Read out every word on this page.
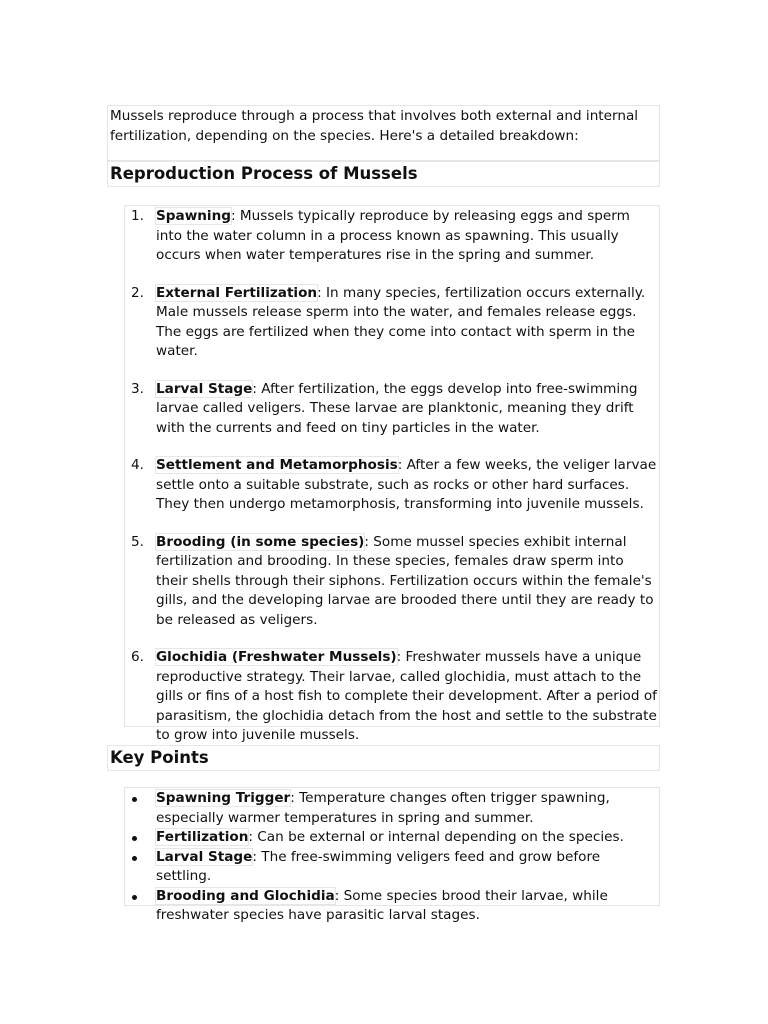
Mussels reproduce through a process that involves both external and internal fertilization, depending on the species. Here's a detailed breakdown:
Reproduction Process of Mussels
1. Spawning: Mussels typically reproduce by releasing eggs and sperm into the water column in a process known as spawning. This usually occurs when water temperatures rise in the spring and summer.
2. External Fertilization: In many species, fertilization occurs externally. Male mussels release sperm into the water, and females release eggs. The eggs are fertilized when they come into contact with sperm in the water.
3. Larval Stage: After fertilization, the eggs develop into free-swimming larvae called veligers. These larvae are planktonic, meaning they drift with the currents and feed on tiny particles in the water.
4. Settlement and Metamorphosis: After a few weeks, the veliger larvae settle onto a suitable substrate, such as rocks or other hard surfaces. They then undergo metamorphosis, transforming into juvenile mussels.
5. Brooding (in some species): Some mussel species exhibit internal fertilization and brooding. In these species, females draw sperm into their shells through their siphons. Fertilization occurs within the female's gills, and the developing larvae are brooded there until they are ready to be released as veligers.
6. Glochidia (Freshwater Mussels): Freshwater mussels have a unique reproductive strategy. Their larvae, called glochidia, must attach to the gills or fins of a host fish to complete their development. After a period of parasitism, the glochidia detach from the host and settle to the substrate to grow into juvenile mussels.
Key Points
Spawning Trigger: Temperature changes often trigger spawning, especially warmer temperatures in spring and summer.
Fertilization: Can be external or internal depending on the species.
Larval Stage: The free-swimming veligers feed and grow before settling.
Brooding and Glochidia: Some species brood their larvae, while freshwater species have parasitic larval stages.
